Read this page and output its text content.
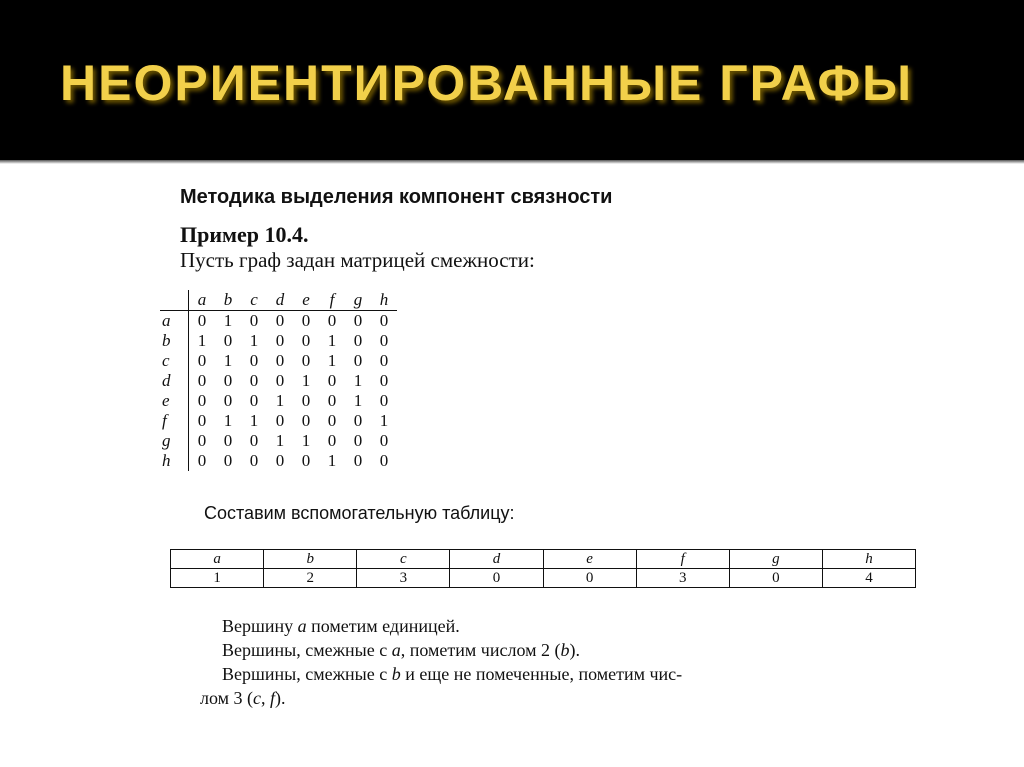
НЕОРИЕНТИРОВАННЫЕ ГРАФЫ
Методика выделения компонент связности
Пример 10.4.
Пусть граф задан матрицей смежности:
	a	b	c	d	e	f	g	h
a	0	1	0	0	0	0	0	0
b	1	0	1	0	0	1	0	0
c	0	1	0	0	0	1	0	0
d	0	0	0	0	1	0	1	0
e	0	0	0	1	0	0	1	0
f	0	1	1	0	0	0	0	1
g	0	0	0	1	1	0	0	0
h	0	0	0	0	0	1	0	0
Составим вспомогательную таблицу:
a	b	c	d	e	f	g	h
1	2	3	0	0	3	0	4
Вершину a пометим единицей.
Вершины, смежные с a, пометим числом 2 (b).
Вершины, смежные с b и еще не помеченные, пометим чис-
лом 3 (c, f).
